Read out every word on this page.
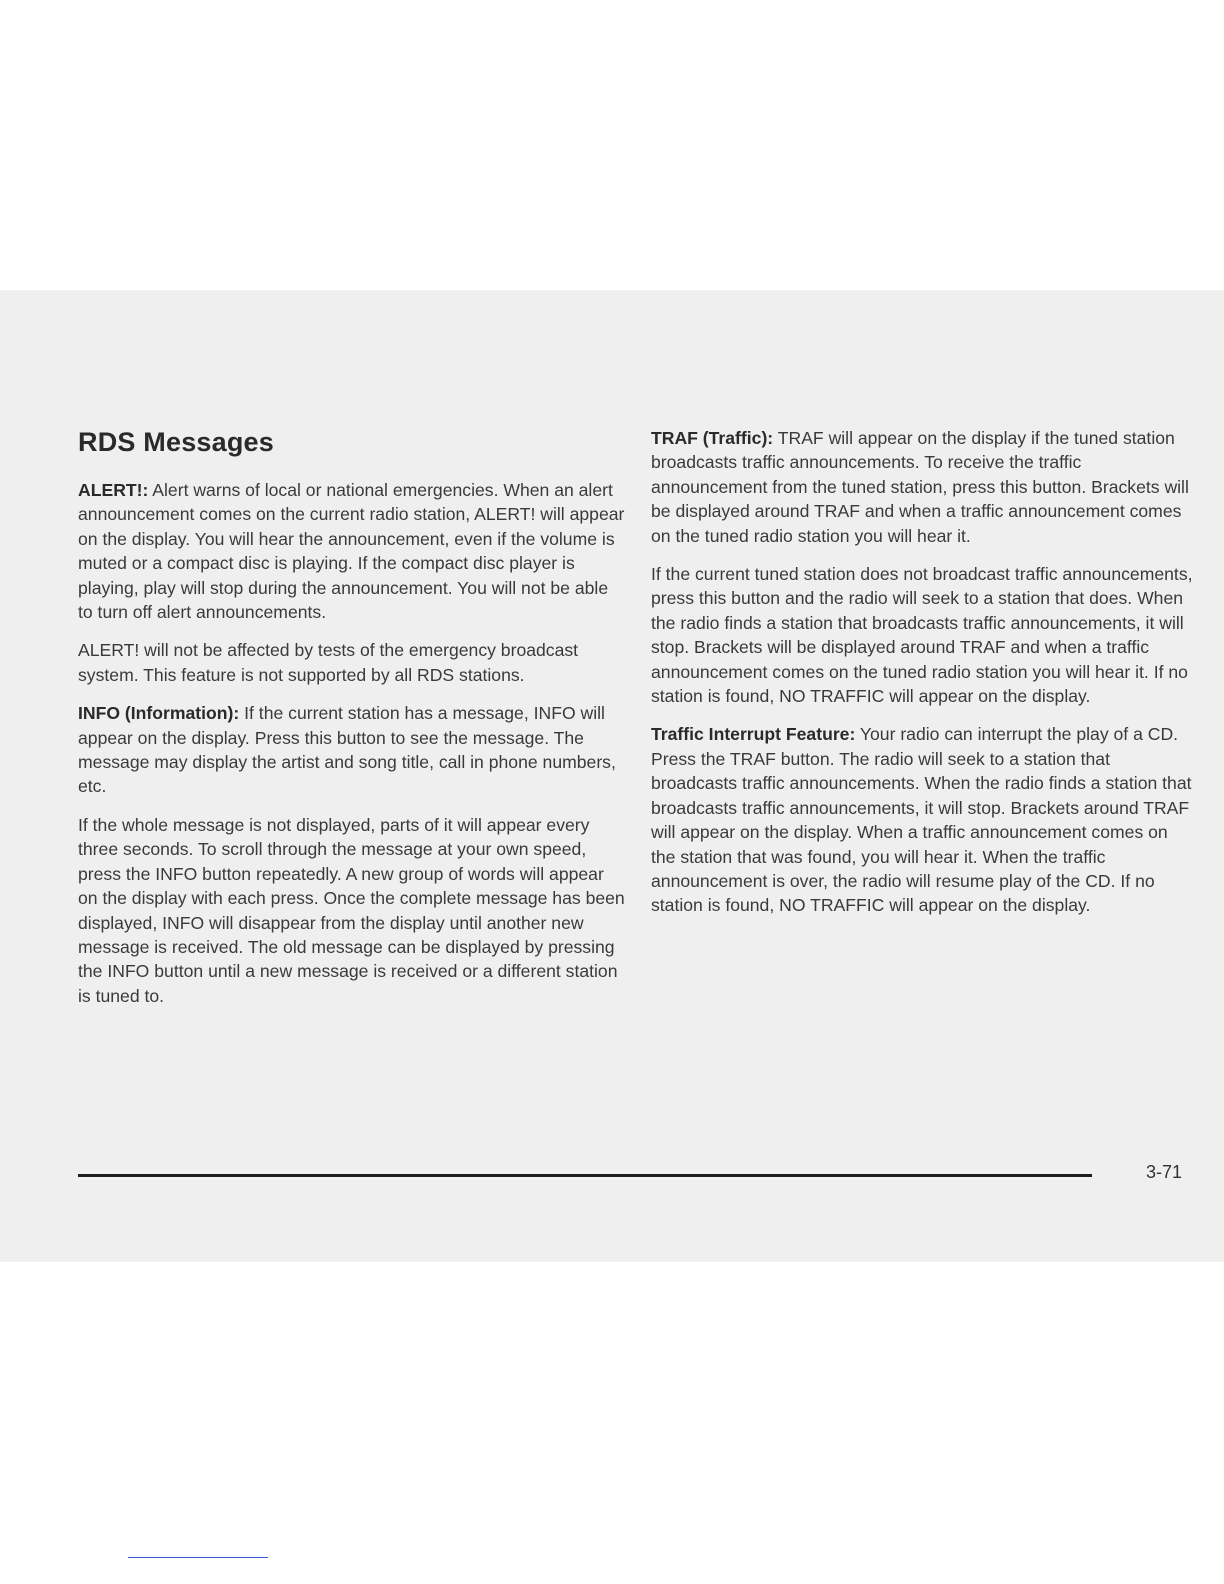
RDS Messages

ALERT!: Alert warns of local or national emergencies. When an alert announcement comes on the current radio station, ALERT! will appear on the display. You will hear the announcement, even if the volume is muted or a compact disc is playing. If the compact disc player is playing, play will stop during the announcement. You will not be able to turn off alert announcements.

ALERT! will not be affected by tests of the emergency broadcast system. This feature is not supported by all RDS stations.

INFO (Information): If the current station has a message, INFO will appear on the display. Press this button to see the message. The message may display the artist and song title, call in phone numbers, etc.

If the whole message is not displayed, parts of it will appear every three seconds. To scroll through the message at your own speed, press the INFO button repeatedly. A new group of words will appear on the display with each press. Once the complete message has been displayed, INFO will disappear from the display until another new message is received. The old message can be displayed by pressing the INFO button until a new message is received or a different station is tuned to.

TRAF (Traffic): TRAF will appear on the display if the tuned station broadcasts traffic announcements. To receive the traffic announcement from the tuned station, press this button. Brackets will be displayed around TRAF and when a traffic announcement comes on the tuned radio station you will hear it.

If the current tuned station does not broadcast traffic announcements, press this button and the radio will seek to a station that does. When the radio finds a station that broadcasts traffic announcements, it will stop. Brackets will be displayed around TRAF and when a traffic announcement comes on the tuned radio station you will hear it. If no station is found, NO TRAFFIC will appear on the display.

Traffic Interrupt Feature: Your radio can interrupt the play of a CD. Press the TRAF button. The radio will seek to a station that broadcasts traffic announcements. When the radio finds a station that broadcasts traffic announcements, it will stop. Brackets around TRAF will appear on the display. When a traffic announcement comes on the station that was found, you will hear it. When the traffic announcement is over, the radio will resume play of the CD. If no station is found, NO TRAFFIC will appear on the display.

3-71
